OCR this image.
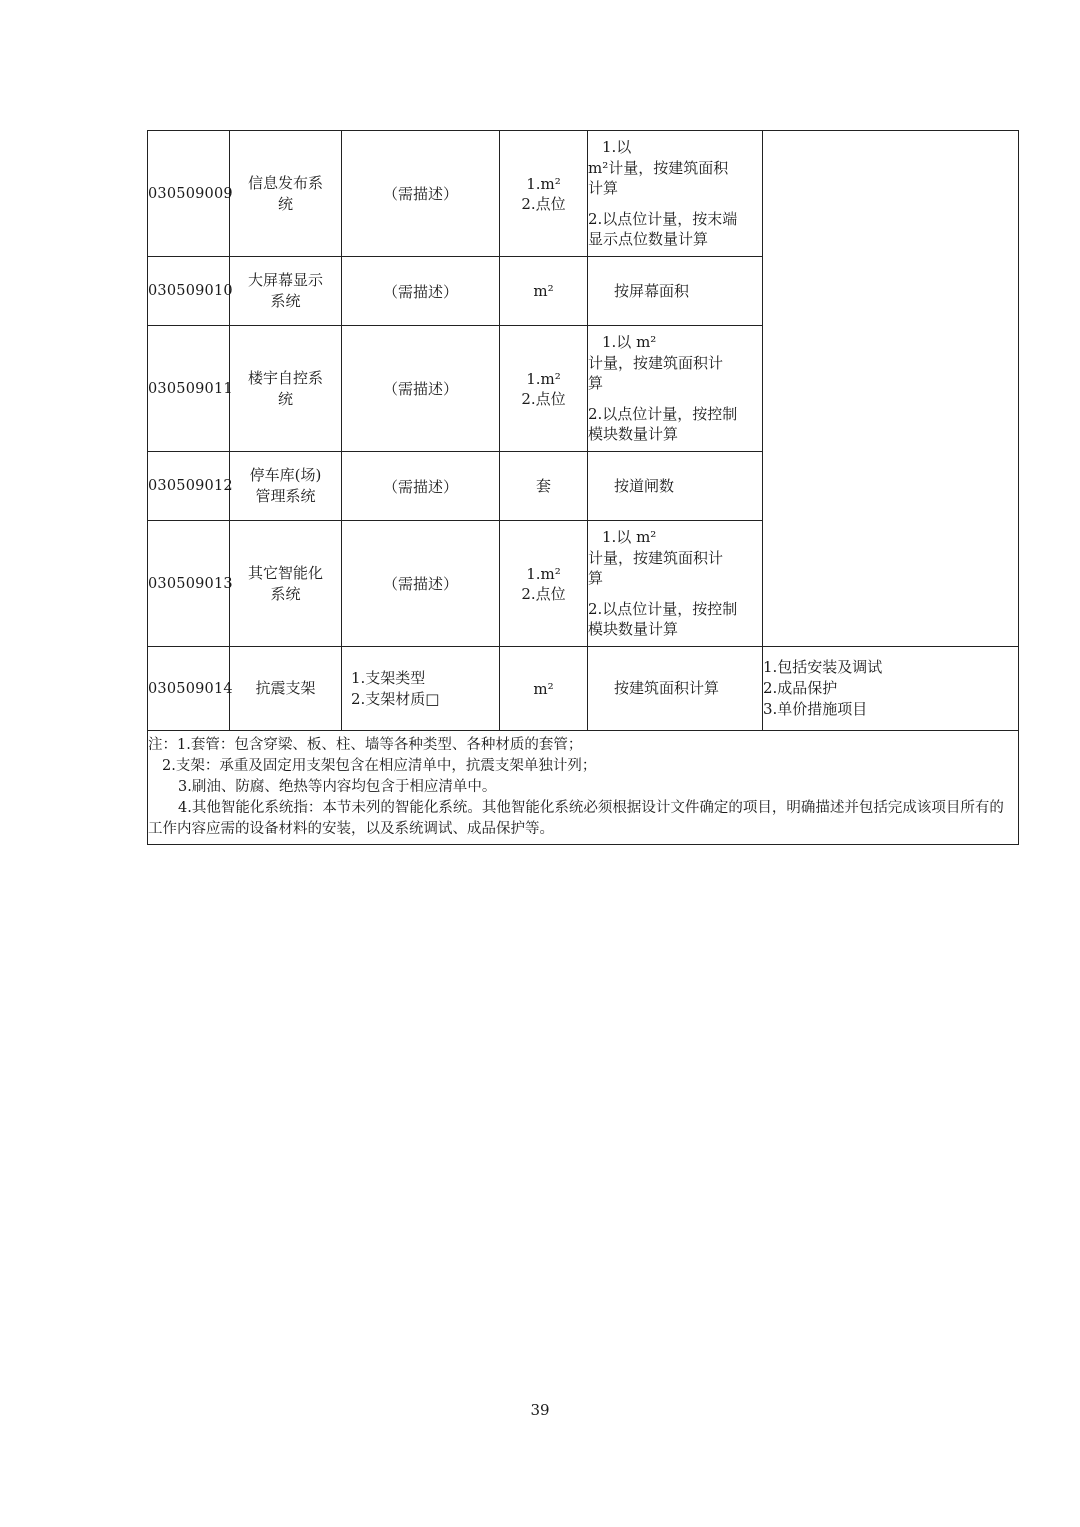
030509009	信息发布系
统	（需描述）	1.m²
2.点位	1.以
m²计量，按建筑面积
计算
2.以点位计量，按末端
显示点位数量计算	

030509010	大屏幕显示
系统	（需描述）	m²	按屏幕面积	

030509011	楼宇自控系
统	（需描述）	1.m²
2.点位	1.以 m²
计量，按建筑面积计
算
2.以点位计量，按控制
模块数量计算	

030509012	停车库(场)
管理系统	（需描述）	套	按道闸数	

030509013	其它智能化
系统	（需描述）	1.m²
2.点位	1.以 m²
计量，按建筑面积计
算
2.以点位计量，按控制
模块数量计算	

030509014	抗震支架	1.支架类型
2.支架材质□	m²	按建筑面积计算	1.包括安装及调试
2.成品保护
3.单价措施项目

注：1.套管：包含穿梁、板、柱、墙等各种类型、各种材质的套管；
2.支架：承重及固定用支架包含在相应清单中，抗震支架单独计列；
3.刷油、防腐、绝热等内容均包含于相应清单中。
4.其他智能化系统指：本节未列的智能化系统。其他智能化系统必须根据设计文件确定的项目，明确描述并包括完成该项目所有的工作内容应需的设备材料的安装，以及系统调试、成品保护等。					
39
